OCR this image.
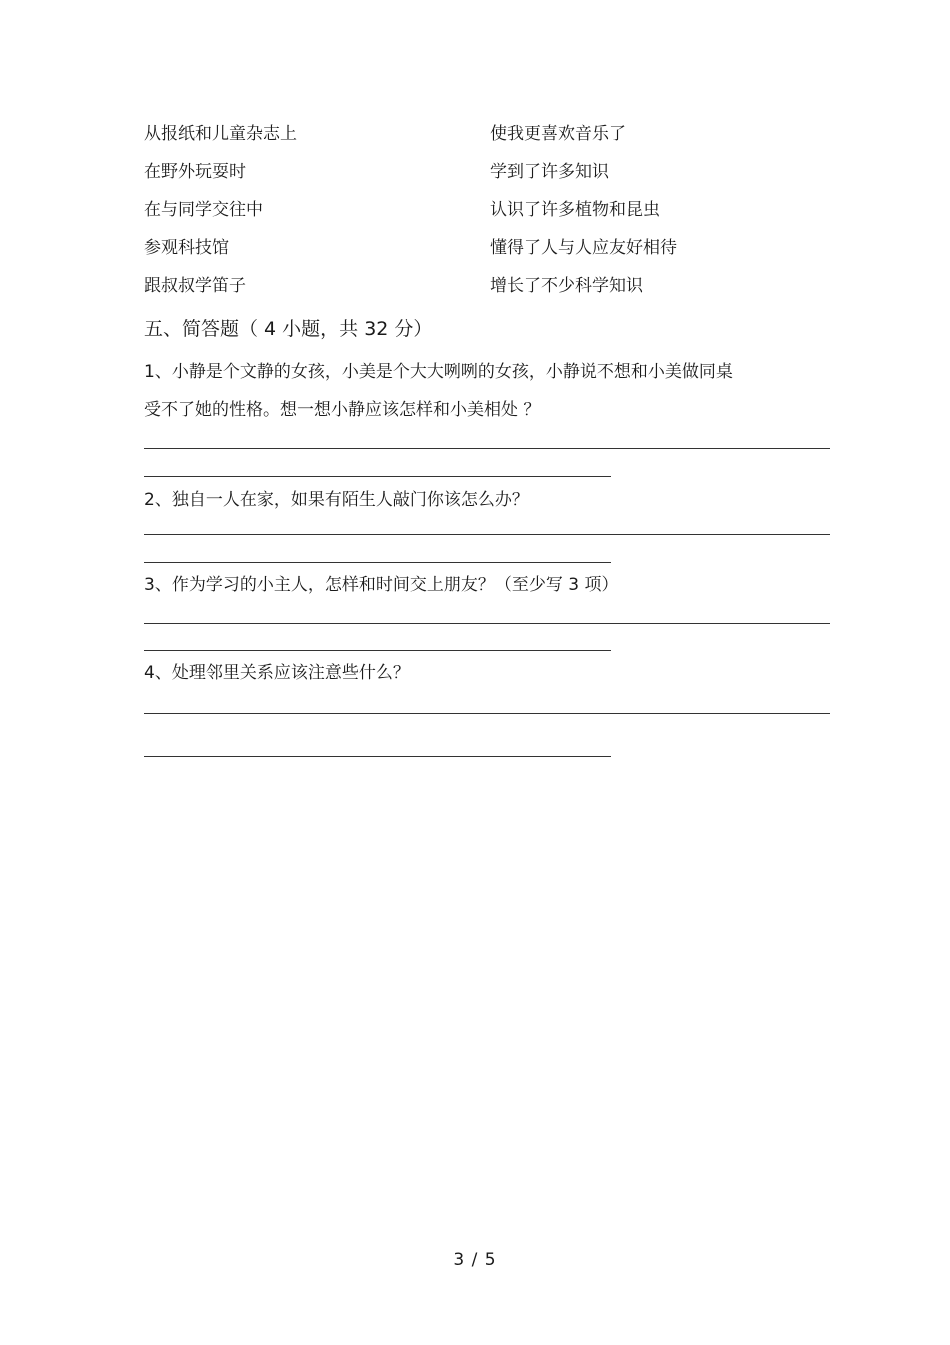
从报纸和儿童杂志上	使我更喜欢音乐了
在野外玩耍时	学到了许多知识
在与同学交往中	认识了许多植物和昆虫
参观科技馆	懂得了人与人应友好相待
跟叔叔学笛子	增长了不少科学知识
五、简答题（ 4 小题，共 32 分）
1、小静是个文静的女孩，小美是个大大咧咧的女孩，小静说不想和小美做同桌
受不了她的性格。想一想小静应该怎样和小美相处 ？
2、独自一人在家，如果有陌生人敲门你该怎么办？
3、作为学习的小主人，怎样和时间交上朋友？（至少写 3 项）
4、处理邻里关系应该注意些什么？
3 / 5
